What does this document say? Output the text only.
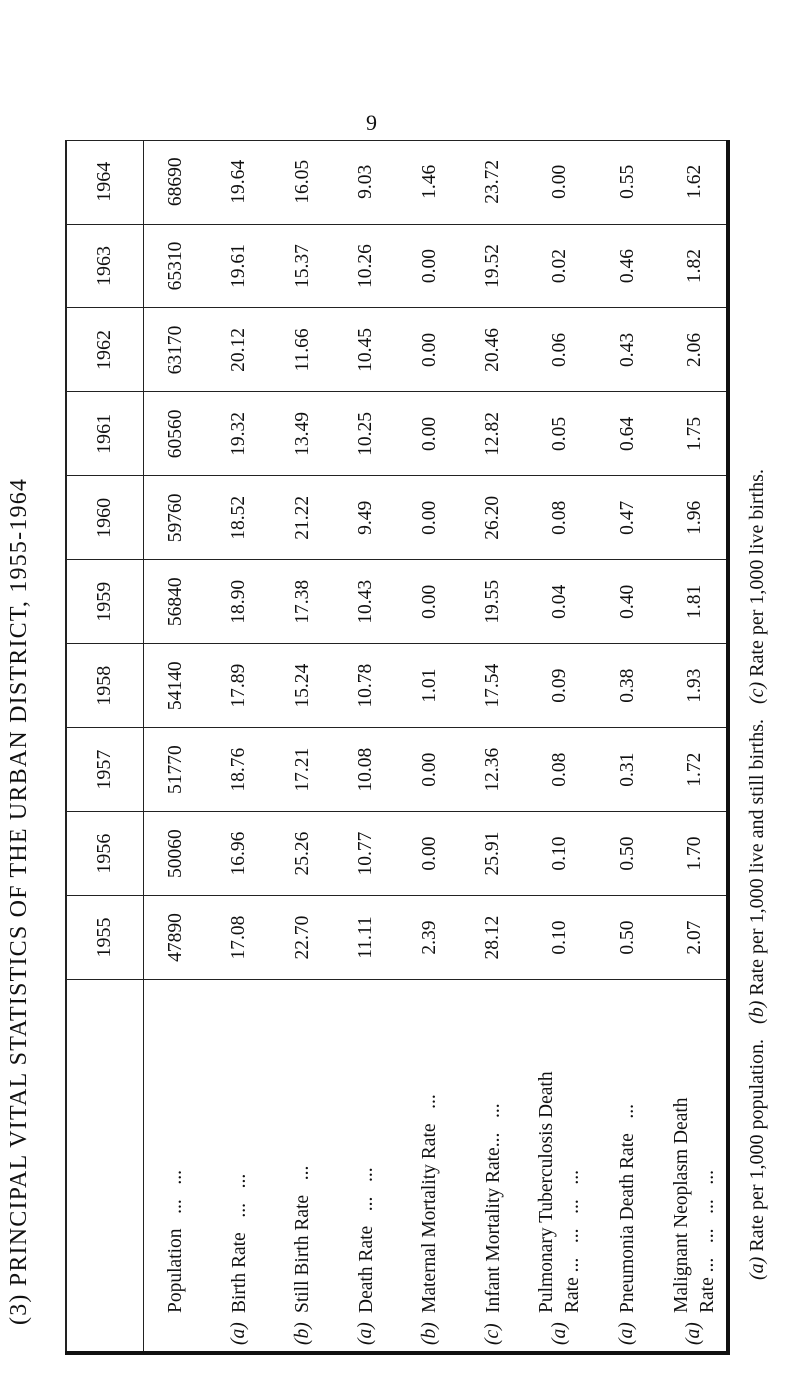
9
(3) PRINCIPAL VITAL STATISTICS OF THE URBAN DISTRICT, 1955-1964	(a) Rate per 1,000 population.   (b) Rate per 1,000 live and still births.   (c) Rate per 1,000 live births.
	1955	1956	1957	1958	1959	1960	1961	1962	1963	1964
Population   ...   ...	47890	50060	51770	54140	56840	59760	60560	63170	65310	68690
(a)Birth Rate   ...   ...	17.08	16.96	18.76	17.89	18.90	18.52	19.32	20.12	19.61	19.64
(b)Still Birth Rate   ...	22.70	25.26	17.21	15.24	17.38	21.22	13.49	11.66	15.37	16.05
(a)Death Rate   ...   ...	11.11	10.77	10.08	10.78	10.43	9.49	10.25	10.45	10.26	9.03
(b)Maternal Mortality Rate   ...	2.39	0.00	0.00	1.01	0.00	0.00	0.00	0.00	0.00	1.46
(c)Infant Mortality Rate...   ...	28.12	25.91	12.36	17.54	19.55	26.20	12.82	20.46	19.52	23.72
(a)Pulmonary Tuberculosis Death Rate ...   ...   ...   ...	0.10	0.10	0.08	0.09	0.04	0.08	0.05	0.06	0.02	0.00
(a)Pneumonia Death Rate   ...	0.50	0.50	0.31	0.38	0.40	0.47	0.64	0.43	0.46	0.55
(a)Malignant Neoplasm Death Rate ...   ...   ...   ...	2.07	1.70	1.72	1.93	1.81	1.96	1.75	2.06	1.82	1.62
